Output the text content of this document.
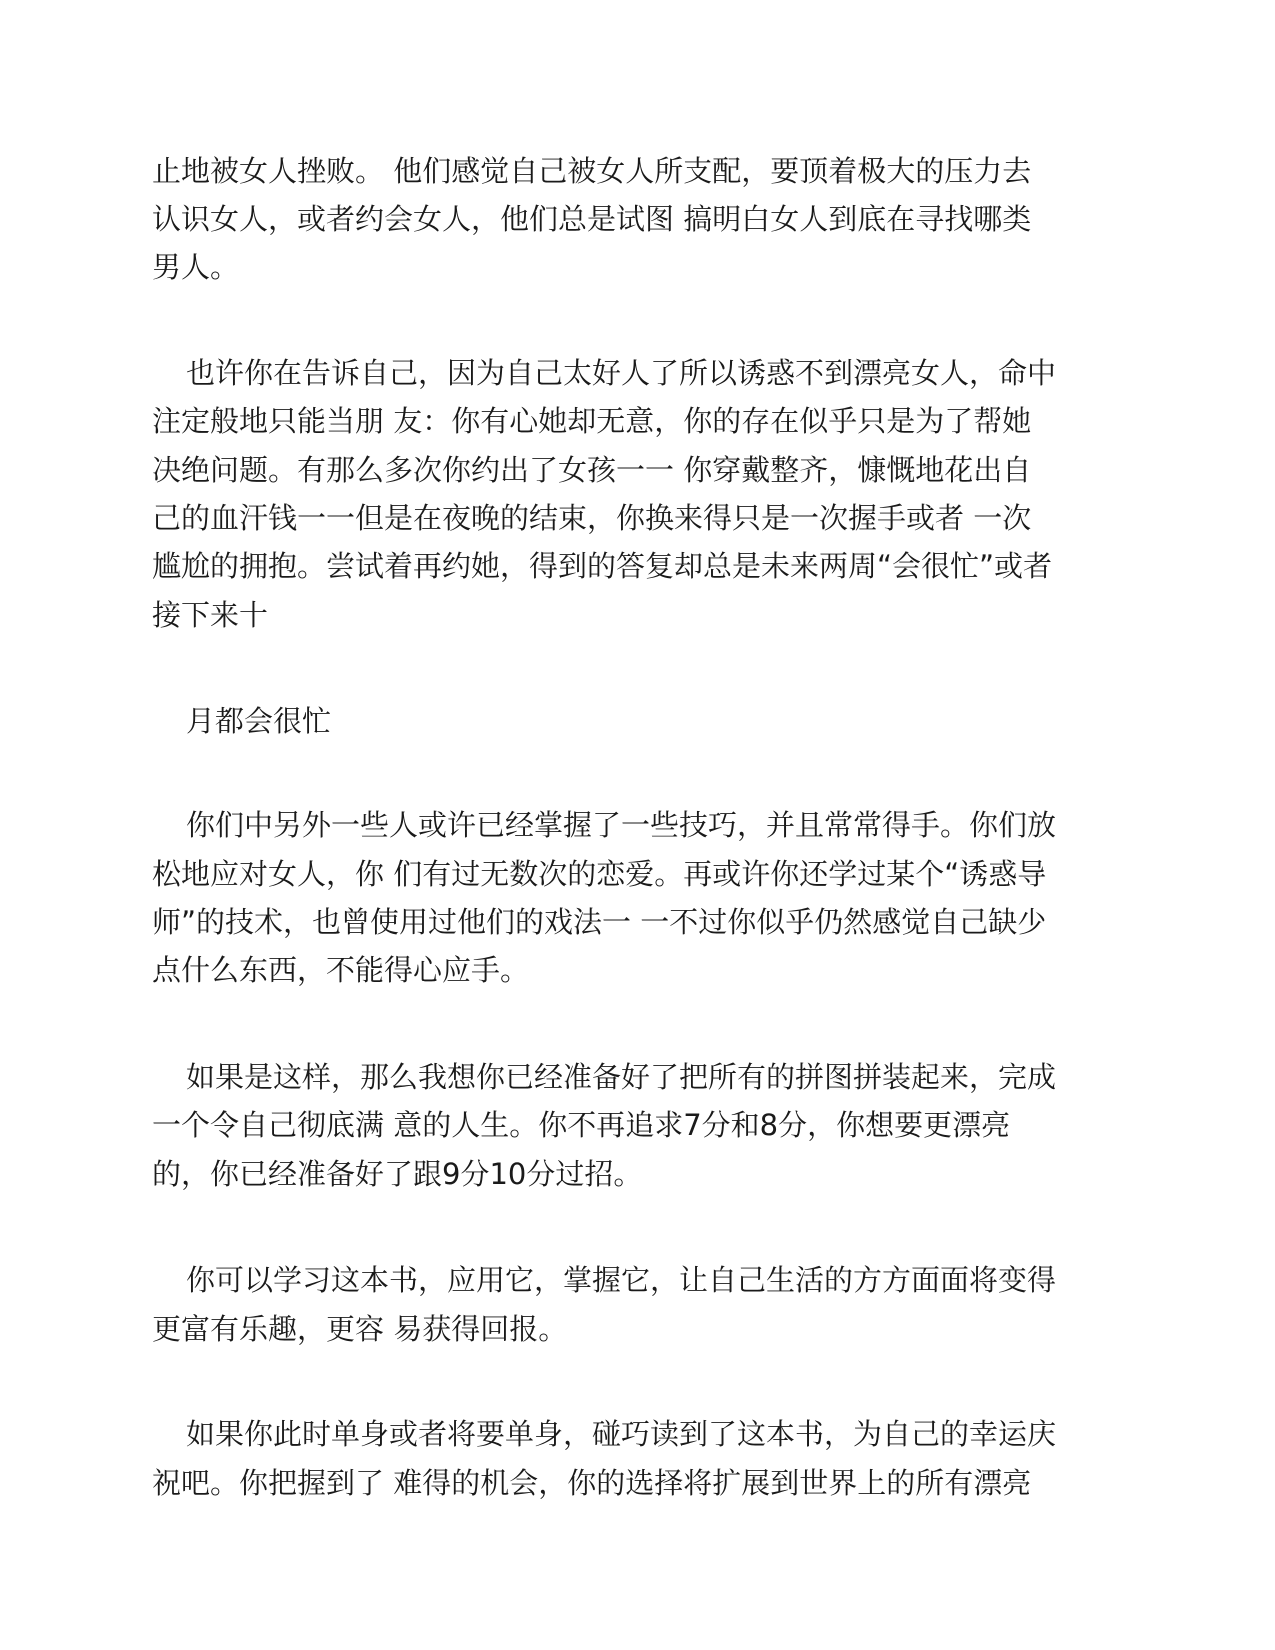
止地被女人挫败。 他们感觉自己被女人所支配，要顶着极大的压力去
认识女人，或者约会女人，他们总是试图 搞明白女人到底在寻找哪类
男人。
也许你在告诉自己，因为自己太好人了所以诱惑不到漂亮女人，命中
注定般地只能当朋 友：你有心她却无意，你的存在似乎只是为了帮她
决绝问题。有那么多次你约出了女孩一一 你穿戴整齐，慷慨地花出自
己的血汗钱一一但是在夜晚的结束，你换来得只是一次握手或者 一次
尴尬的拥抱。尝试着再约她，得到的答复却总是未来两周“会很忙”或者
接下来十
月都会很忙
你们中另外一些人或许已经掌握了一些技巧，并且常常得手。你们放
松地应对女人，你 们有过无数次的恋爱。再或许你还学过某个“诱惑导
师”的技术，也曾使用过他们的戏法一 一不过你似乎仍然感觉自己缺少
点什么东西，不能得心应手。
如果是这样，那么我想你已经准备好了把所有的拼图拼装起来，完成
一个令自己彻底满 意的人生。你不再追求7分和8分，你想要更漂亮
的，你已经准备好了跟9分10分过招。
你可以学习这本书，应用它，掌握它，让自己生活的方方面面将变得
更富有乐趣，更容 易获得回报。
如果你此时单身或者将要单身，碰巧读到了这本书，为自己的幸运庆
祝吧。你把握到了 难得的机会，你的选择将扩展到世界上的所有漂亮
